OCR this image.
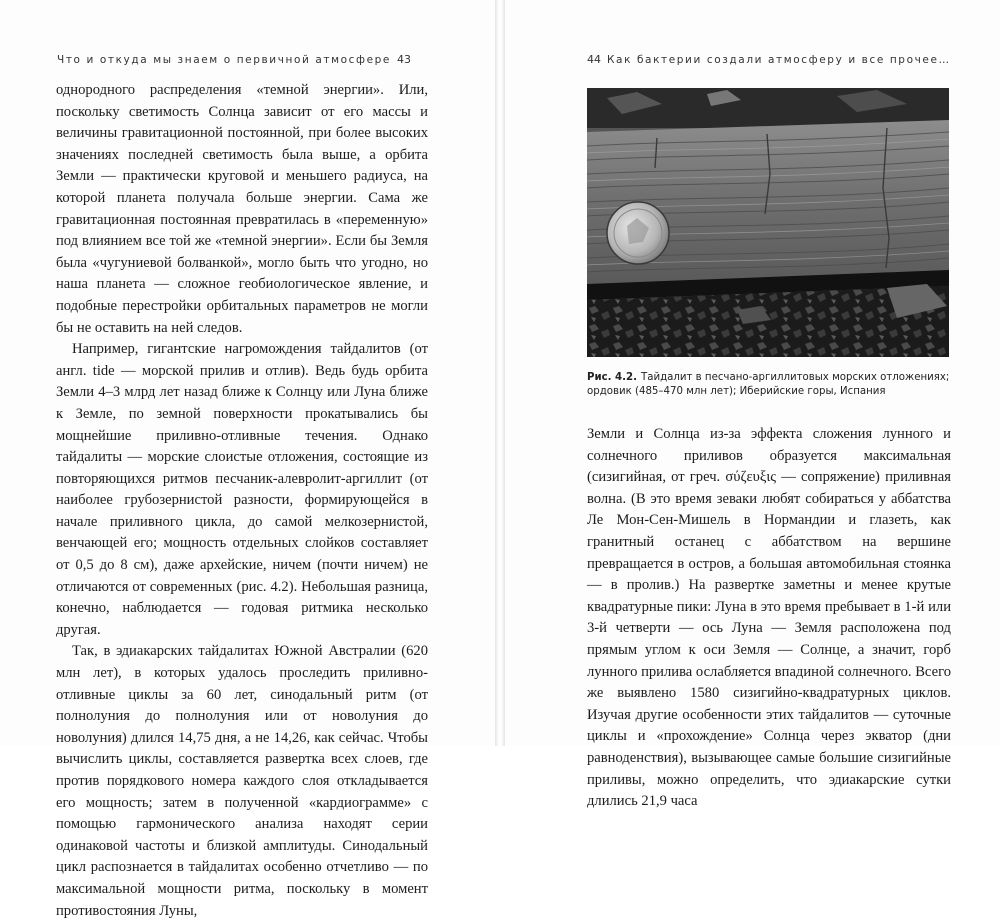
Что и откуда мы знаем о первичной атмосфере 43

однородного распределения «темной энергии». Или, поскольку светимость Солнца зависит от его массы и величины гравитационной постоянной, при более высоких значениях последней светимость была выше, а орбита Земли — практически круговой и меньшего радиуса, на которой планета получала больше энергии. Сама же гравитационная постоянная превратилась в «переменную» под влиянием все той же «темной энергии». Если бы Земля была «чугуниевой болванкой», могло быть что угодно, но наша планета — сложное геобиологическое явление, и подобные перестройки орбитальных параметров не могли бы не оставить на ней следов.

Например, гигантские нагромождения тайдалитов (от англ. tide — морской прилив и отлив). Ведь будь орбита Земли 4–3 млрд лет назад ближе к Солнцу или Луна ближе к Земле, по земной поверхности прокатывались бы мощнейшие приливно-отливные течения. Однако тайдалиты — морские слоистые отложения, состоящие из повторяющихся ритмов песчаник-алевролит-аргиллит (от наиболее грубозернистой разности, формирующейся в начале приливного цикла, до самой мелкозернистой, венчающей его; мощность отдельных слойков составляет от 0,5 до 8 см), даже архейские, ничем (почти ничем) не отличаются от современных (рис. 4.2). Небольшая разница, конечно, наблюдается — годовая ритмика несколько другая.

Так, в эдиакарских тайдалитах Южной Австралии (620 млн лет), в которых удалось проследить приливно-отливные циклы за 60 лет, синодальный ритм (от полнолуния до полнолуния или от новолуния до новолуния) длился 14,75 дня, а не 14,26, как сейчас. Чтобы вычислить циклы, составляется развертка всех слоев, где против порядкового номера каждого слоя откладывается его мощность; затем в полученной «кардиограмме» с помощью гармонического анализа находят серии одинаковой частоты и близкой амплитуды. Синодальный цикл распознается в тайдалитах особенно отчетливо — по максимальной мощности ритма, поскольку в момент противостояния Луны,

44 Как бактерии создали атмосферу и все прочее…
Рис. 4.2. Тайдалит в песчано-аргиллитовых морских отложениях; ордовик (485–470 млн лет); Иберийские горы, Испания

Земли и Солнца из-за эффекта сложения лунного и солнечного приливов образуется максимальная (сизигийная, от греч. σύζευξις — сопряжение) приливная волна. (В это время зеваки любят собираться у аббатства Ле Мон-Сен-Мишель в Нормандии и глазеть, как гранитный останец с аббатством на вершине превращается в остров, а большая автомобильная стоянка — в пролив.) На развертке заметны и менее крутые квадратурные пики: Луна в это время пребывает в 1-й или 3-й четверти — ось Луна — Земля расположена под прямым углом к оси Земля — Солнце, а значит, горб лунного прилива ослабляется впадиной солнечного. Всего же выявлено 1580 сизигийно-квадратурных циклов. Изучая другие особенности этих тайдалитов — суточные циклы и «прохождение» Солнца через экватор (дни равноденствия), вызывающее самые большие сизигийные приливы, можно определить, что эдиакарские сутки длились 21,9 часа
